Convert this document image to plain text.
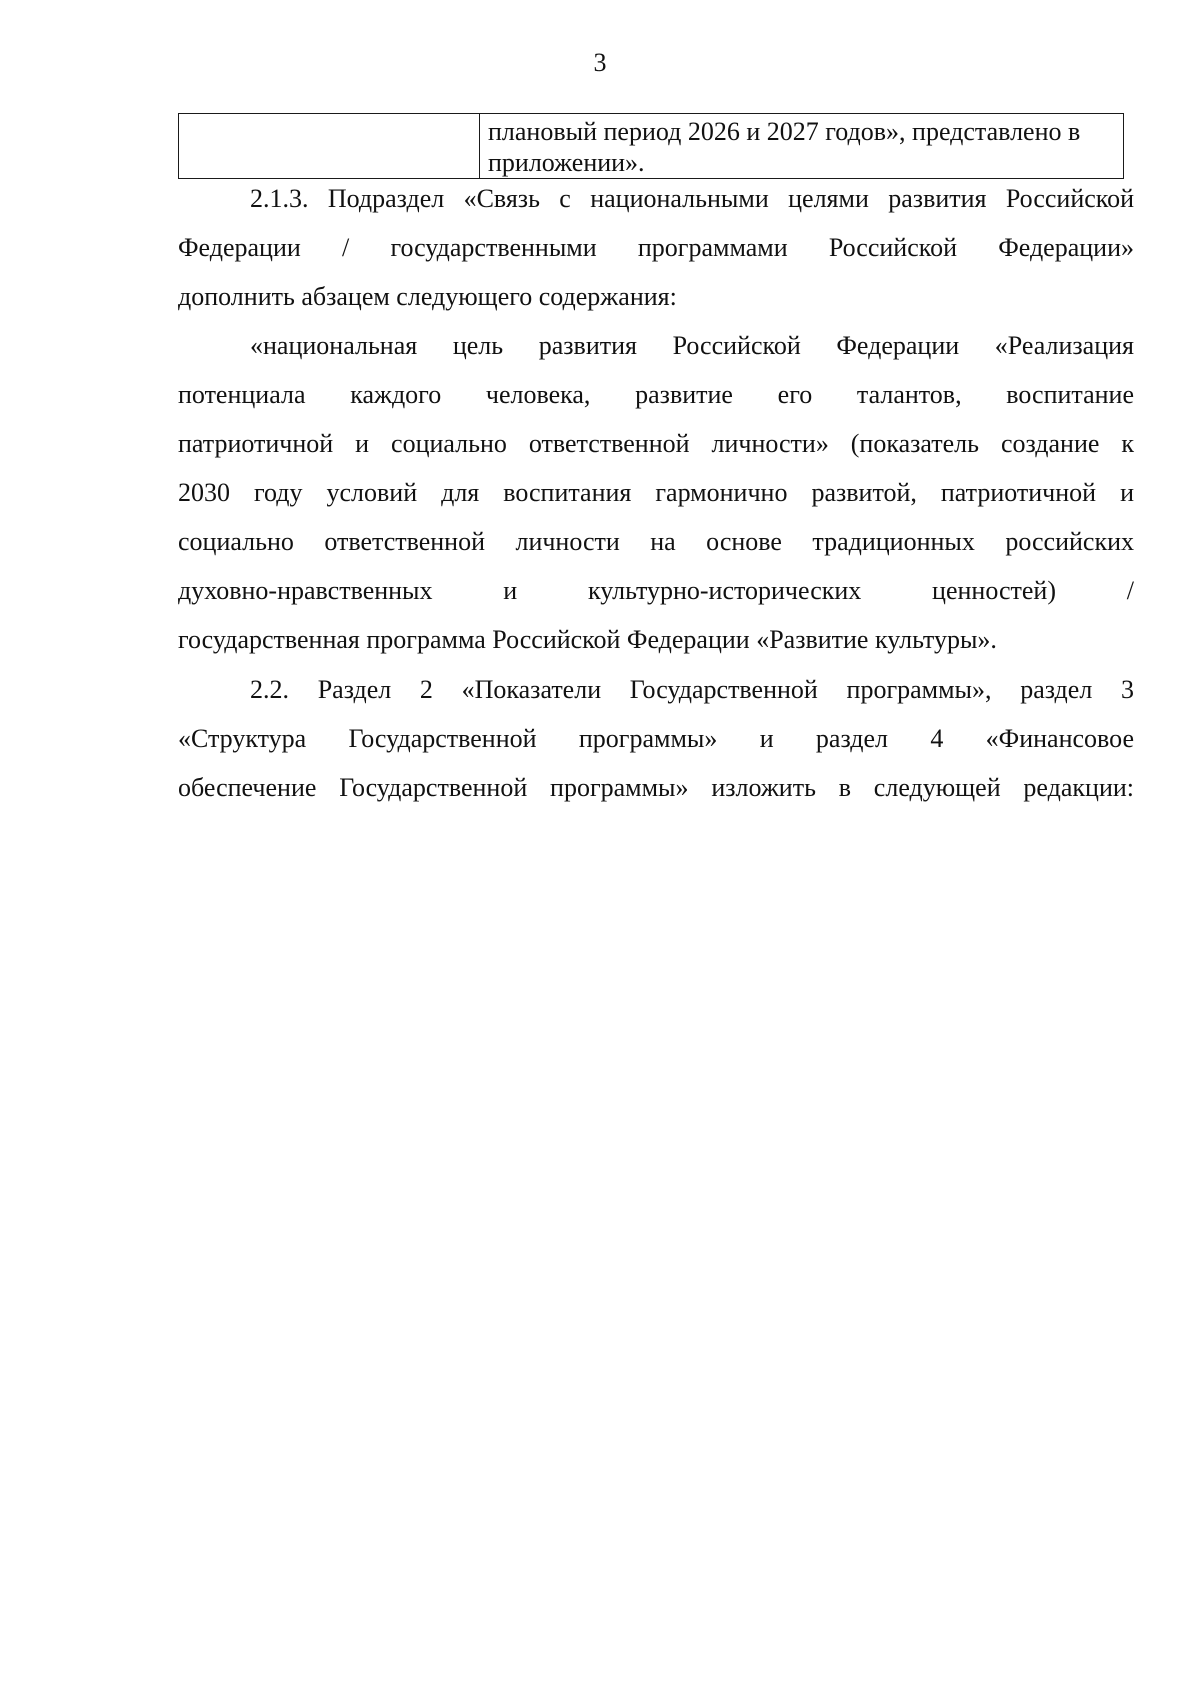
3

плановый период 2026 и 2027 годов», представлено в
приложении».
2.1.3. Подраздел «Связь с национальными целями развития Российской
Федерации / государственными программами Российской Федерации»
дополнить абзацем следующего содержания:
«национальная цель развития Российской Федерации «Реализация
потенциала каждого человека, развитие его талантов, воспитание
патриотичной и социально ответственной личности» (показатель создание к
2030 году условий для воспитания гармонично развитой, патриотичной и
социально ответственной личности на основе традиционных российских
духовно-нравственных и культурно-исторических ценностей) /
государственная программа Российской Федерации «Развитие культуры».
2.2. Раздел 2 «Показатели Государственной программы», раздел 3
«Структура Государственной программы» и раздел 4 «Финансовое
обеспечение Государственной программы» изложить в следующей редакции:
